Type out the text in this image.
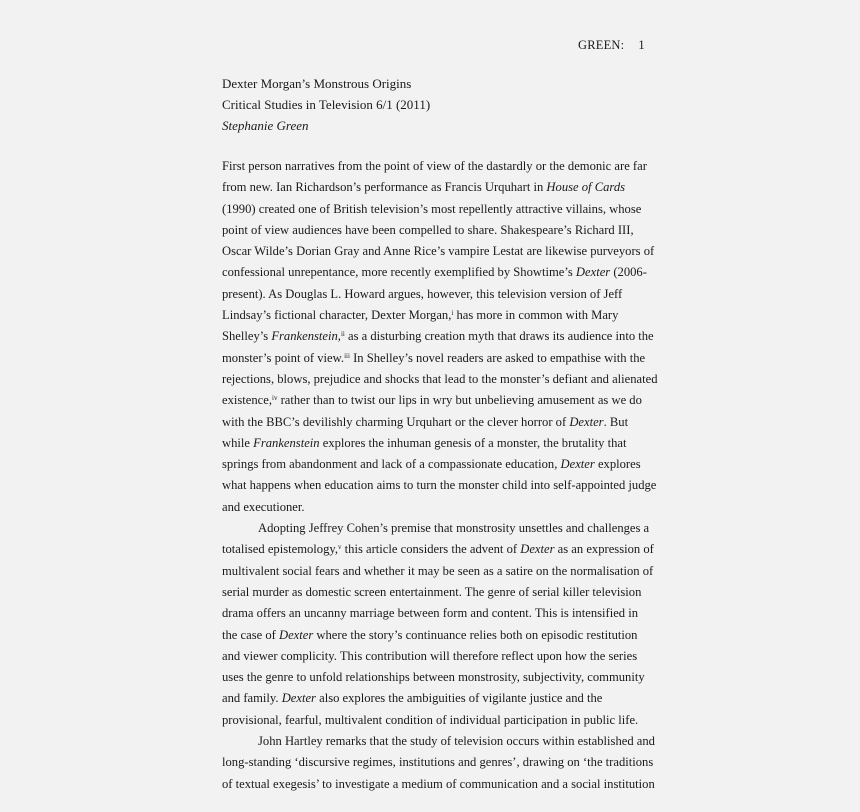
GREEN: 1
Dexter Morgan’s Monstrous Origins
Critical Studies in Television 6/1 (2011)
Stephanie Green
First person narratives from the point of view of the dastardly or the demonic are far
from new. Ian Richardson’s performance as Francis Urquhart in House of Cards
(1990) created one of British television’s most repellently attractive villains, whose
point of view audiences have been compelled to share. Shakespeare’s Richard III,
Oscar Wilde’s Dorian Gray and Anne Rice’s vampire Lestat are likewise purveyors of
confessional unrepentance, more recently exemplified by Showtime’s Dexter (2006-
present). As Douglas L. Howard argues, however, this television version of Jeff
Lindsay’s fictional character, Dexter Morgan,$^i$ has more in common with Mary
Shelley’s Frankenstein,$^{ii}$ as a disturbing creation myth that draws its audience into the
monster’s point of view.$^{iii}$ In Shelley’s novel readers are asked to empathise with the
rejections, blows, prejudice and shocks that lead to the monster’s defiant and alienated
existence,$^{iv}$ rather than to twist our lips in wry but unbelieving amusement as we do
with the BBC’s devilishly charming Urquhart or the clever horror of Dexter. But
while Frankenstein explores the inhuman genesis of a monster, the brutality that
springs from abandonment and lack of a compassionate education, Dexter explores
what happens when education aims to turn the monster child into self-appointed judge
and executioner.
Adopting Jeffrey Cohen’s premise that monstrosity unsettles and challenges a
totalised epistemology,$^v$ this article considers the advent of Dexter as an expression of
multivalent social fears and whether it may be seen as a satire on the normalisation of
serial murder as domestic screen entertainment. The genre of serial killer television
drama offers an uncanny marriage between form and content. This is intensified in
the case of Dexter where the story’s continuance relies both on episodic restitution
and viewer complicity. This contribution will therefore reflect upon how the series
uses the genre to unfold relationships between monstrosity, subjectivity, community
and family. Dexter also explores the ambiguities of vigilante justice and the
provisional, fearful, multivalent condition of individual participation in public life.
John Hartley remarks that the study of television occurs within established and
long-standing ‘discursive regimes, institutions and genres’, drawing on ‘the traditions
of textual exegesis’ to investigate a medium of communication and a social institution
